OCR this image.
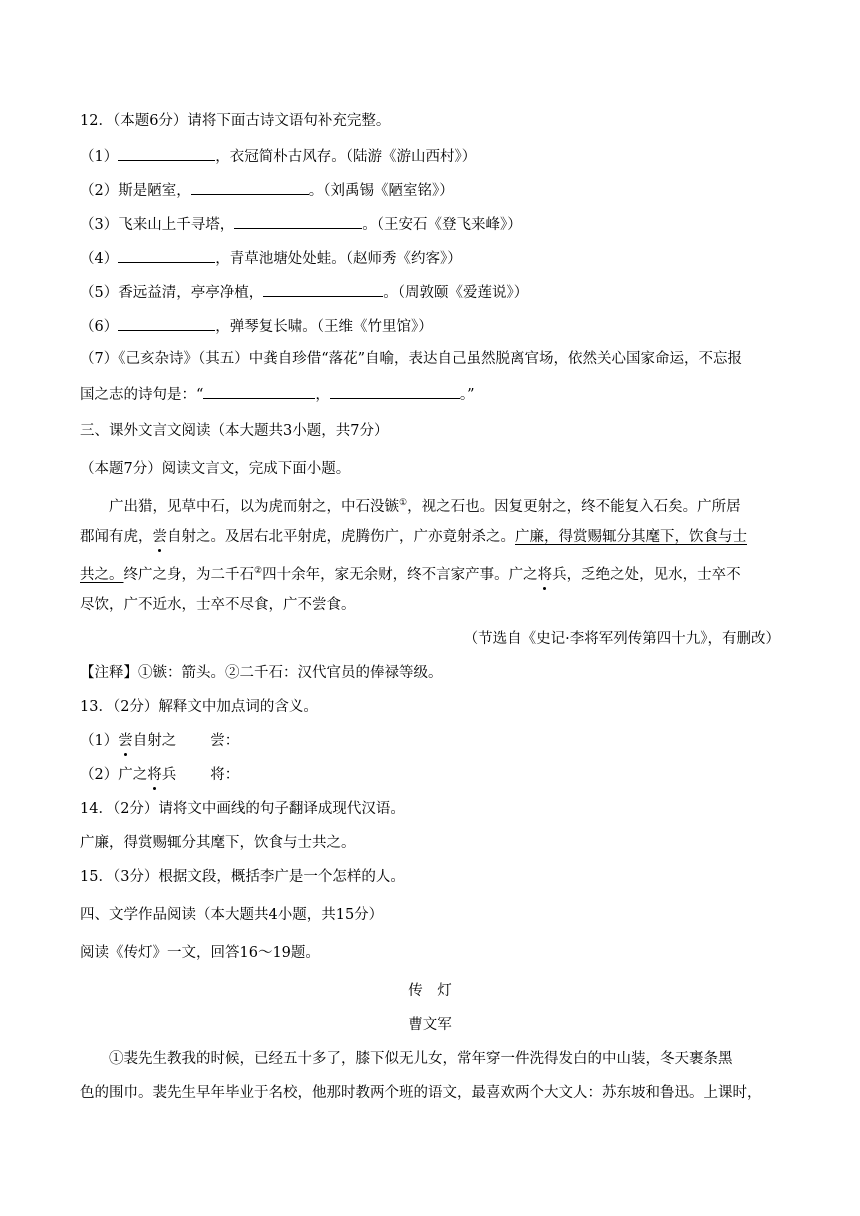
12．（本题6分）请将下面古诗文语句补充完整。
（1）	，衣冠简朴古风存。（陆游《游山西村》）
（2）斯是陋室，	。（刘禹锡《陋室铭》）
（3）飞来山上千寻塔，	。（王安石《登飞来峰》）
（4）	，青草池塘处处蛙。（赵师秀《约客》）
（5）香远益清，亭亭净植，	。（周敦颐《爱莲说》）
（6）	，弹琴复长啸。（王维《竹里馆》）
（7）《己亥杂诗》（其五）中龚自珍借“落花”自喻，表达自己虽然脱离官场，依然关心国家命运，不忘报
国之志的诗句是：“	，	。”
三、课外文言文阅读（本大题共3小题，共7分）
（本题7分）阅读文言文，完成下面小题。
广出猎，见草中石，以为虎而射之，中石没镞①，视之石也。因复更射之，终不能复入石矣。广所居
郡闻有虎，尝自射之。及居右北平射虎，虎腾伤广，广亦竟射杀之。广廉，得赏赐辄分其麾下，饮食与士
共之。终广之身，为二千石②四十余年，家无余财，终不言家产事。广之将兵，乏绝之处，见水，士卒不
尽饮，广不近水，士卒不尽食，广不尝食。
（节选自《史记·李将军列传第四十九》，有删改）
【注释】①镞：箭头。②二千石：汉代官员的俸禄等级。
13．（2分）解释文中加点词的含义。
（1）尝自射之 尝：
（2）广之将兵 将：
14．（2分）请将文中画线的句子翻译成现代汉语。
广廉，得赏赐辄分其麾下，饮食与士共之。
15．（3分）根据文段，概括李广是一个怎样的人。
四、文学作品阅读（本大题共4小题，共15分）
阅读《传灯》一文，回答16～19题。
传　灯
曹文军
①裴先生教我的时候，已经五十多了，膝下似无儿女，常年穿一件洗得发白的中山装，冬天裹条黑
色的围巾。裴先生早年毕业于名校，他那时教两个班的语文，最喜欢两个大文人：苏东坡和鲁迅。上课时，
